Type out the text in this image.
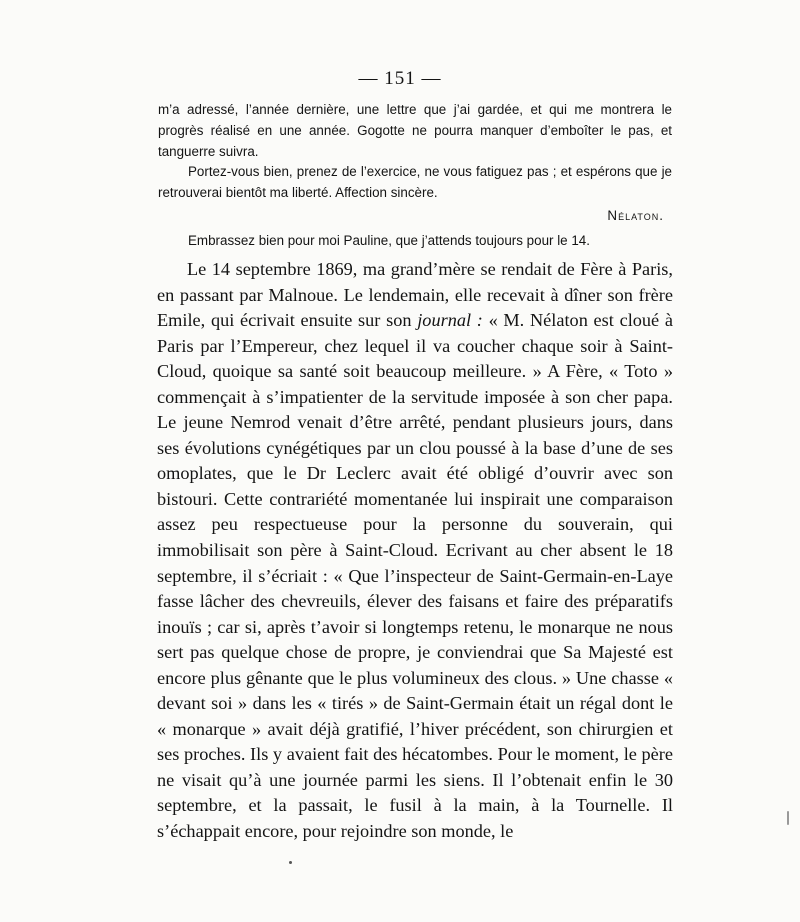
— 151 —

m’a adressé, l’année dernière, une lettre que j’ai gardée, et qui me montrera le progrès réalisé en une année. Gogotte ne pourra manquer d’emboîter le pas, et tanguerre suivra.

Portez-vous bien, prenez de l’exercice, ne vous fatiguez pas ; et espérons que je retrouverai bientôt ma liberté. Affection sincère.

Nélaton.

Embrassez bien pour moi Pauline, que j’attends toujours pour le 14.

Le 14 septembre 1869, ma grand’mère se rendait de Fère à Paris, en passant par Malnoue. Le lendemain, elle recevait à dîner son frère Emile, qui écrivait ensuite sur son journal : « M. Nélaton est cloué à Paris par l’Empereur, chez lequel il va coucher chaque soir à Saint-Cloud, quoique sa santé soit beaucoup meilleure. » A Fère, « Toto » commençait à s’impatienter de la servitude imposée à son cher papa. Le jeune Nemrod venait d’être arrêté, pendant plusieurs jours, dans ses évolutions cynégétiques par un clou poussé à la base d’une de ses omoplates, que le Dr Leclerc avait été obligé d’ouvrir avec son bistouri. Cette contrariété momentanée lui inspirait une comparaison assez peu respectueuse pour la personne du souverain, qui immobilisait son père à Saint-Cloud. Ecrivant au cher absent le 18 septembre, il s’écriait : « Que l’inspecteur de Saint-Germain-en-Laye fasse lâcher des chevreuils, élever des faisans et faire des préparatifs inouïs ; car si, après t’avoir si longtemps retenu, le monarque ne nous sert pas quelque chose de propre, je conviendrai que Sa Majesté est encore plus gênante que le plus volumineux des clous. » Une chasse « devant soi » dans les « tirés » de Saint-Germain était un régal dont le « monarque » avait déjà gratifié, l’hiver précédent, son chirurgien et ses proches. Ils y avaient fait des hécatombes. Pour le moment, le père ne visait qu’à une journée parmi les siens. Il l’obtenait enfin le 30 septembre, et la passait, le fusil à la main, à la Tournelle. Il s’échappait encore, pour rejoindre son monde, le
